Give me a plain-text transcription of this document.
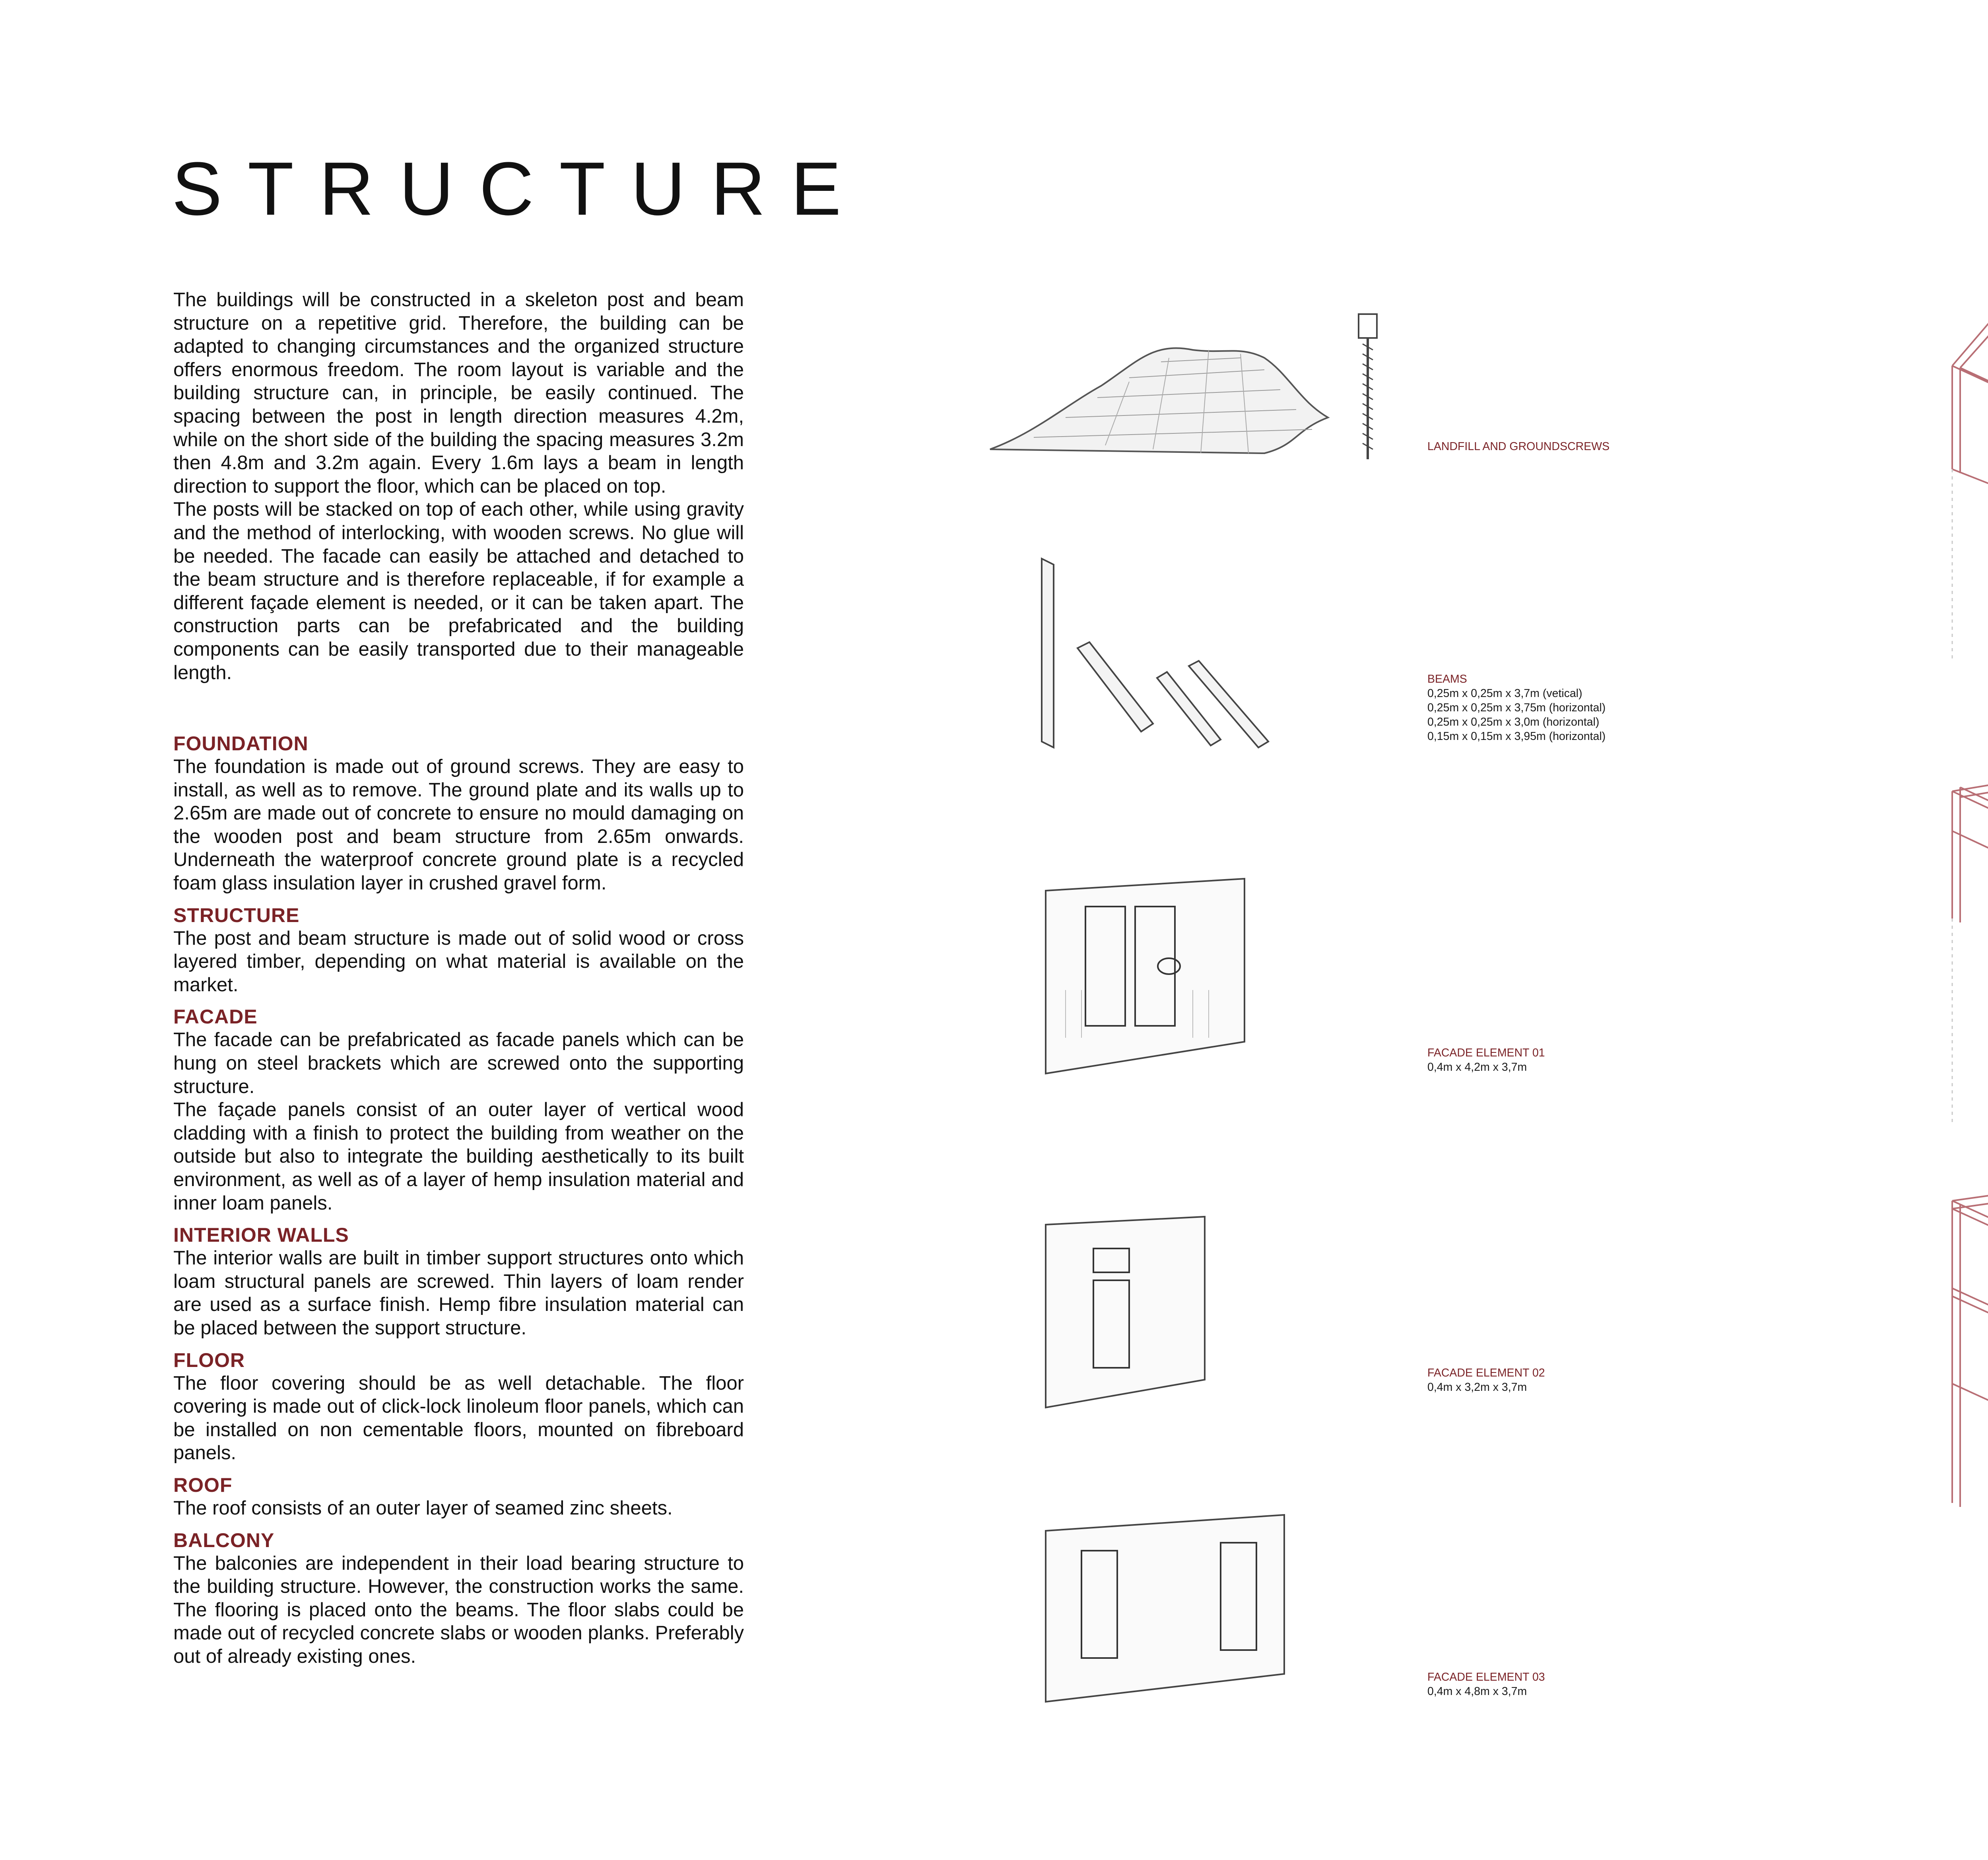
STRUCTURE

The buildings will be constructed in a skeleton post and beam structure on a repetitive grid. Therefore, the building can be adapted to changing circumstances and the organized structure offers enormous freedom. The room layout is variable and the building structure can, in principle, be easily continued. The spacing between the post in length direction measures 4.2m, while on the short side of the building the spacing measures 3.2m then 4.8m and 3.2m again. Every 1.6m lays a beam in length direction to support the floor, which can be placed on top.

The posts will be stacked on top of each other, while using gravity and the method of interlocking, with wooden screws. No glue will be needed. The facade can easily be attached and detached to the beam structure and is therefore replaceable, if for example a different façade element is needed, or it can be taken apart. The construction parts can be prefabricated and the building components can be easily transported due to their manageable length.

FOUNDATION

The foundation is made out of ground screws. They are easy to install, as well as to remove. The ground plate and its walls up to 2.65m are made out of concrete to ensure no mould damaging on the wooden post and beam structure from 2.65m onwards. Underneath the waterproof concrete ground plate is a recycled foam glass insulation layer in crushed gravel form.

STRUCTURE

The post and beam structure is made out of solid wood or cross layered timber, depending on what material is available on the market.

FACADE

The facade can be prefabricated as facade panels which can be hung on steel brackets which are screwed onto the supporting structure.

The façade panels consist of an outer layer of vertical wood cladding with a finish to protect the building from weather on the outside but also to integrate the building aesthetically to its built environment, as well as of a layer of hemp insulation material and inner loam panels.

INTERIOR WALLS

The interior walls are built in timber support structures onto which loam structural panels are screwed. Thin layers of loam render are used as a surface finish. Hemp fibre insulation material can be placed between the support structure.

FLOOR

The floor covering should be as well detachable. The floor covering is made out of click-lock linoleum floor panels, which can be installed on non cementable floors, mounted on fibreboard panels.

ROOF

The roof consists of an outer layer of seamed zinc sheets.

BALCONY

The balconies are independent in their load bearing structure to the building structure. However, the construction works the same. The flooring is placed onto the beams. The floor slabs could be made out of recycled concrete slabs or wooden planks. Preferably out of already existing ones.

LANDFILL AND GROUNDSCREWS
BEAMS
0,25m x 0,25m x 3,7m (vetical)
0,25m x 0,25m x 3,75m (horizontal)
0,25m x 0,25m x 3,0m (horizontal)
0,15m x 0,15m x 3,95m (horizontal)
FACADE ELEMENT 01
0,4m x 4,2m x 3,7m
FACADE ELEMENT 02
0,4m x 3,2m x 3,7m
FACADE ELEMENT 03
0,4m x 4,8m x 3,7m
